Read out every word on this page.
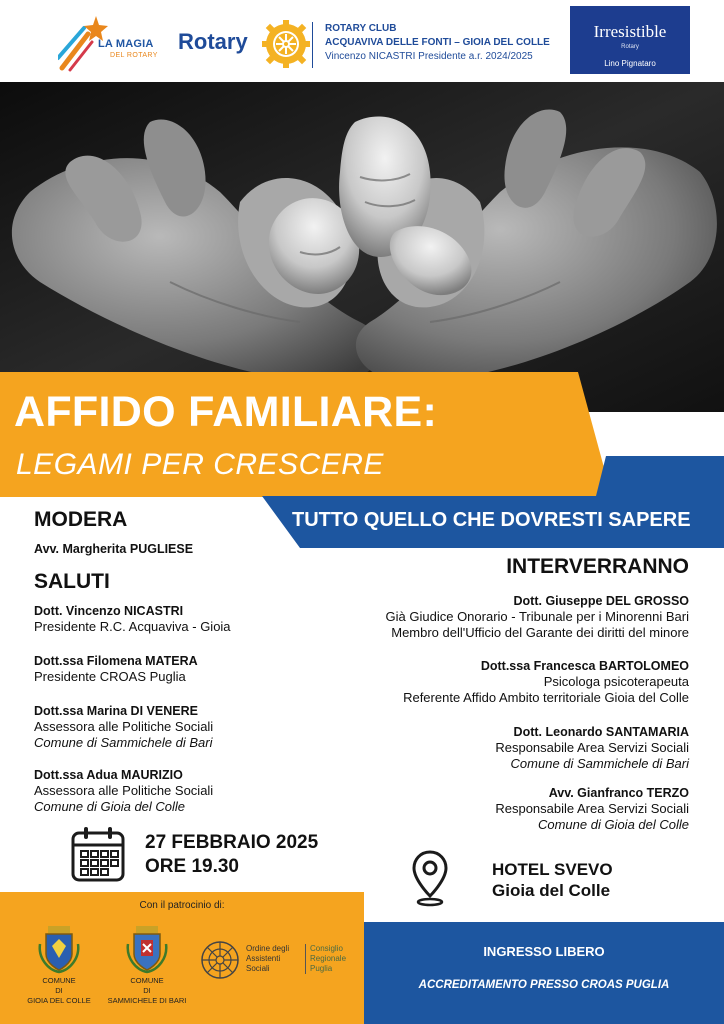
LA MAGIA
DEL ROTARY
Rotary
ROTARY CLUB
ACQUAVIVA DELLE FONTI – GIOIA DEL COLLE
Vincenzo NICASTRI Presidente a.r. 2024/2025
Irresistible
Rotary
Lino Pignataro
AFFIDO FAMILIARE:
LEGAMI PER CRESCERE
TUTTO QUELLO CHE DOVRESTI SAPERE
MODERA
Avv. Margherita PUGLIESE
SALUTI
Dott. Vincenzo NICASTRI
Presidente R.C. Acquaviva - Gioia
Dott.ssa Filomena MATERA
Presidente CROAS Puglia
Dott.ssa Marina DI VENERE
Assessora alle Politiche Sociali
Comune di Sammichele di Bari
Dott.ssa Adua MAURIZIO
Assessora alle Politiche Sociali
Comune di Gioia del Colle
INTERVERRANNO
Dott. Giuseppe DEL GROSSO
Già Giudice Onorario - Tribunale per i Minorenni Bari
Membro dell'Ufficio del Garante dei diritti del minore
Dott.ssa Francesca BARTOLOMEO
Psicologa psicoterapeuta
Referente Affido Ambito territoriale Gioia del Colle
Dott. Leonardo SANTAMARIA
Responsabile Area Servizi Sociali
Comune di Sammichele di Bari
Avv. Gianfranco TERZO
Responsabile Area Servizi Sociali
Comune di Gioia del Colle
27 FEBBRAIO 2025
ORE 19.30	HOTEL SVEVO
Gioia del Colle
Con il patrocinio di:
COMUNE
DI
GIOIA DEL COLLE
COMUNE
DI
SAMMICHELE DI BARI
Ordine degli
Assistenti
Sociali
Consiglio
Regionale
Puglia
INGRESSO LIBERO
ACCREDITAMENTO PRESSO CROAS PUGLIA
